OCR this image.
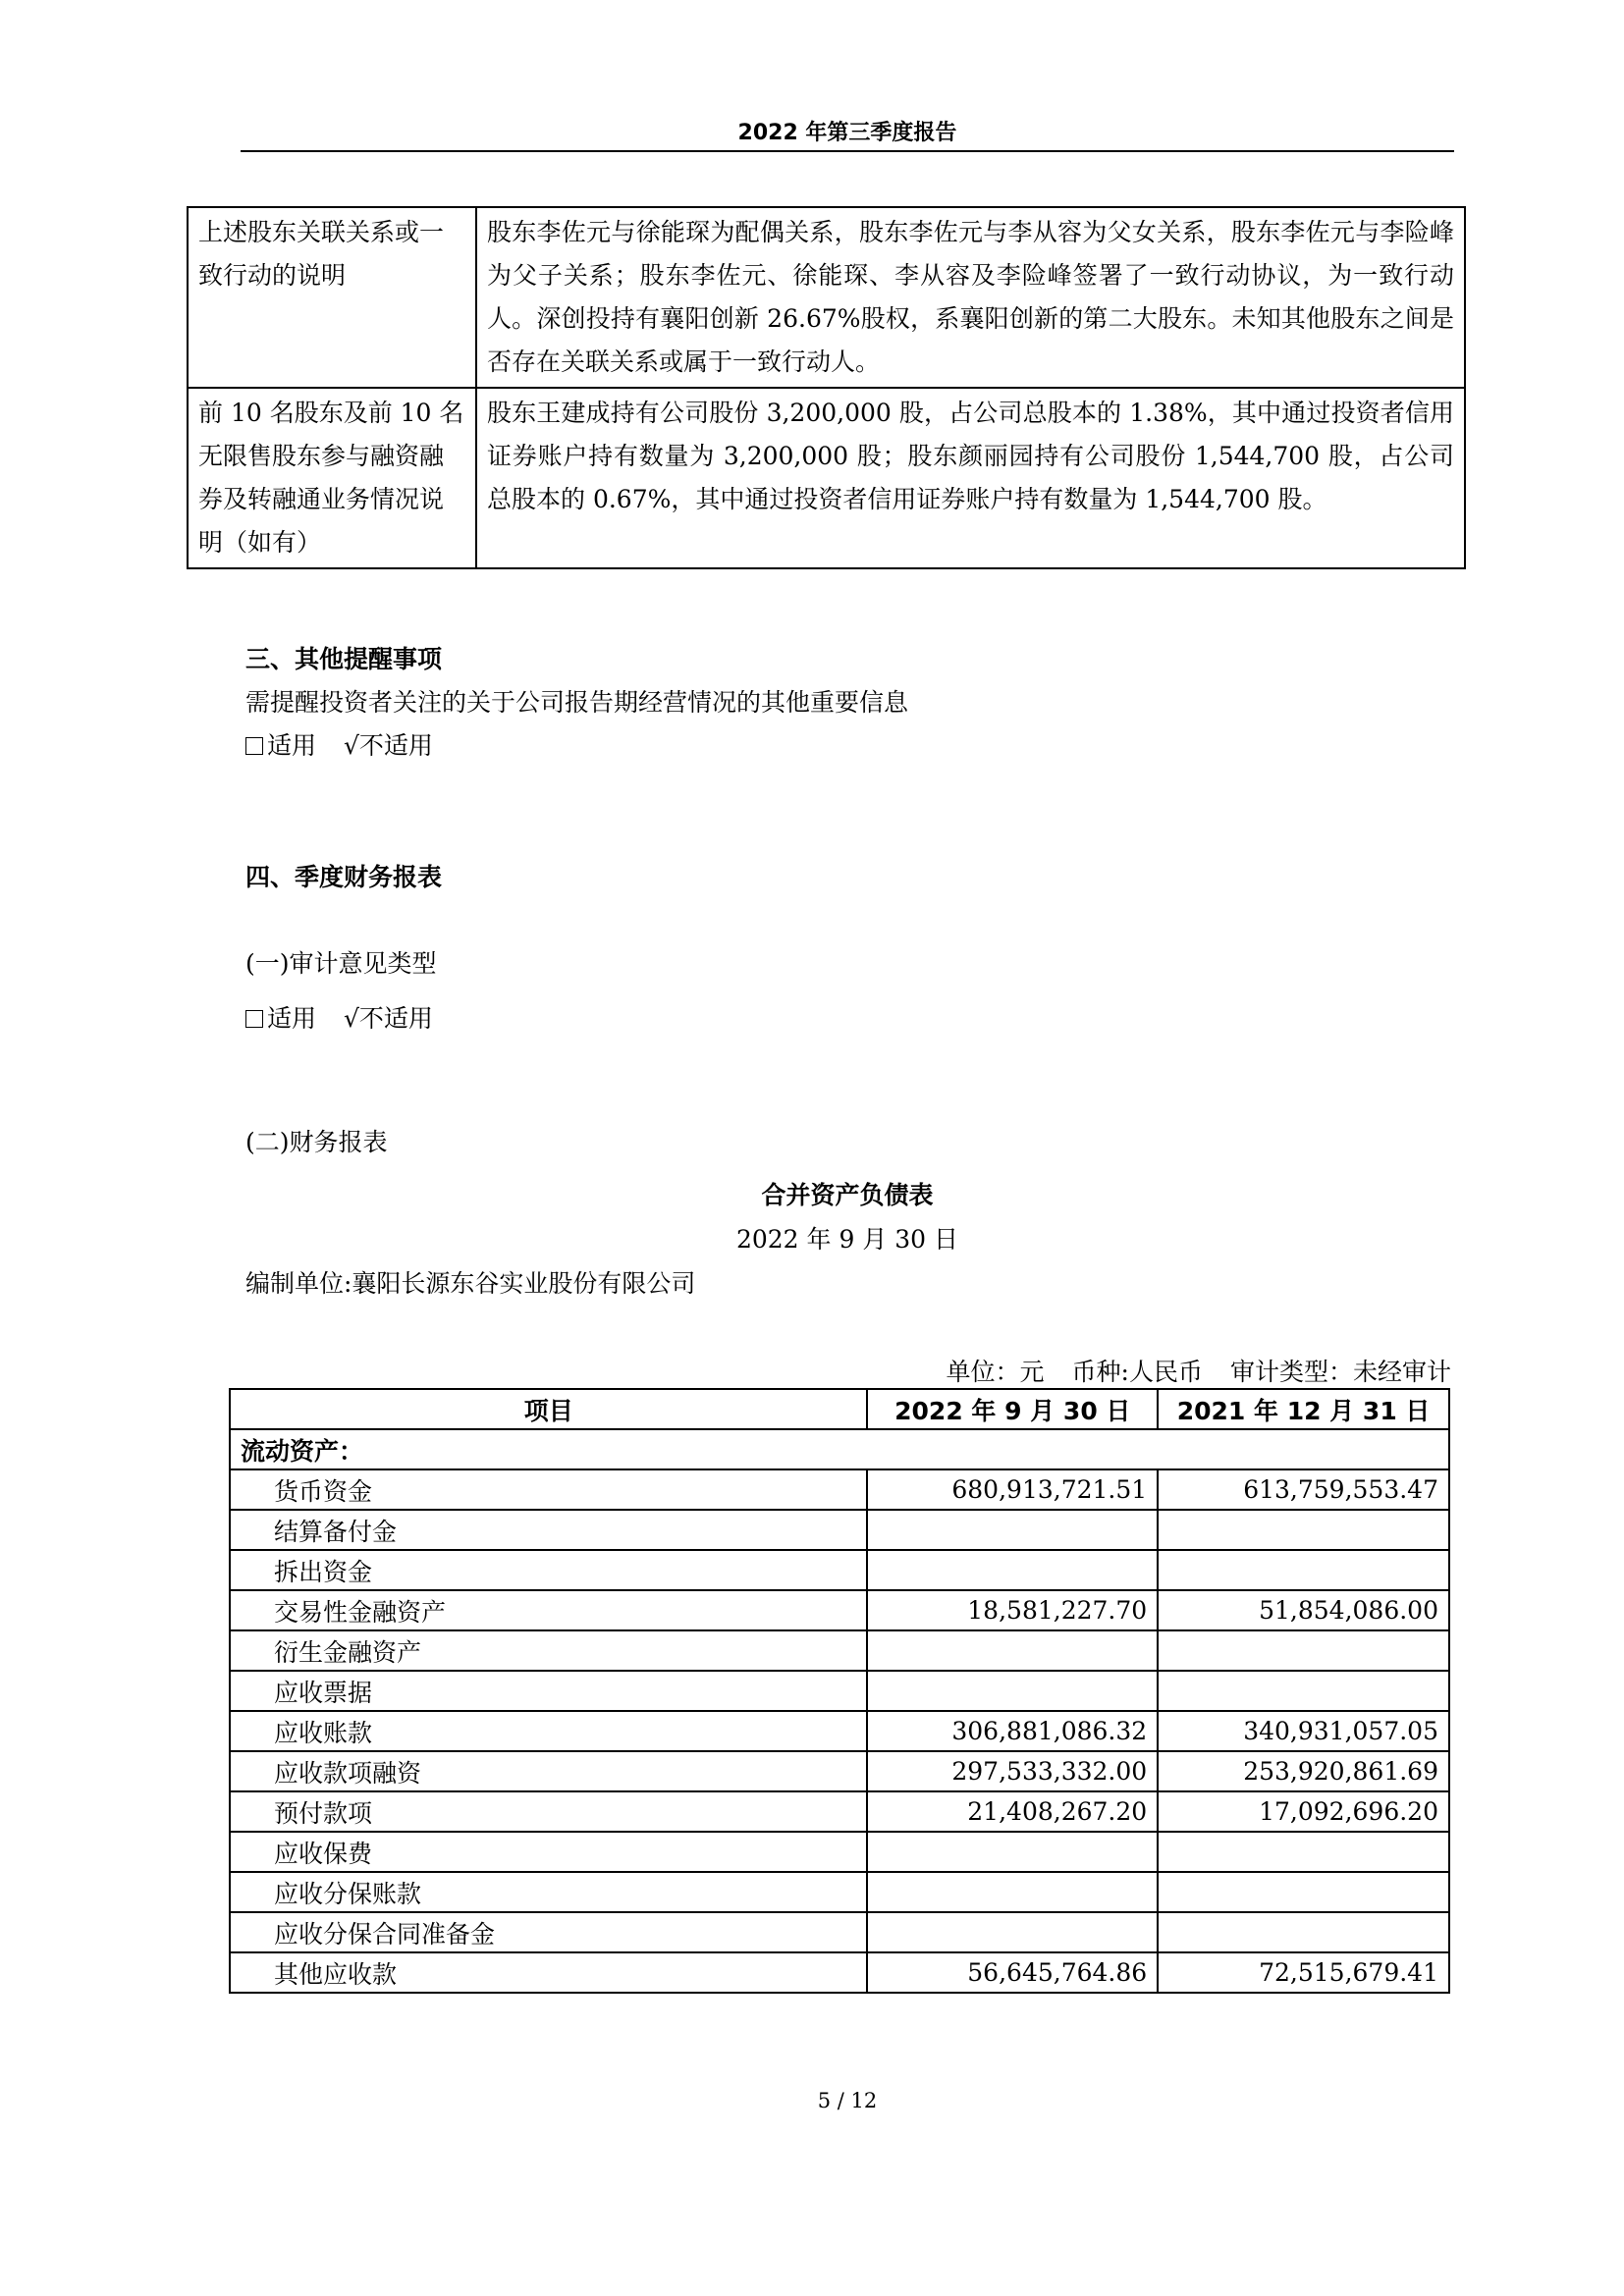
2022 年第三季度报告
上述股东关联关系或一致行动的说明	股东李佐元与徐能琛为配偶关系，股东李佐元与李从容为父女关系，股东李佐元与李险峰为父子关系；股东李佐元、徐能琛、李从容及李险峰签署了一致行动协议，为一致行动人。深创投持有襄阳创新 26.67%股权，系襄阳创新的第二大股东。未知其他股东之间是否存在关联关系或属于一致行动人。
前 10 名股东及前 10 名无限售股东参与融资融券及转融通业务情况说明（如有）	股东王建成持有公司股份 3,200,000 股，占公司总股本的 1.38%，其中通过投资者信用证券账户持有数量为 3,200,000 股；股东颜丽园持有公司股份 1,544,700 股，占公司总股本的 0.67%，其中通过投资者信用证券账户持有数量为 1,544,700 股。
三、其他提醒事项
需提醒投资者关注的关于公司报告期经营情况的其他重要信息
适用 √不适用
四、季度财务报表
(一)审计意见类型
适用 √不适用
(二)财务报表
合并资产负债表
2022 年 9 月 30 日
编制单位:襄阳长源东谷实业股份有限公司
单位：元 币种:人民币 审计类型：未经审计
项目	2022 年 9 月 30 日	2021 年 12 月 31 日
流动资产：		
货币资金	680,913,721.51	613,759,553.47
结算备付金		
拆出资金		
交易性金融资产	18,581,227.70	51,854,086.00
衍生金融资产		
应收票据		
应收账款	306,881,086.32	340,931,057.05
应收款项融资	297,533,332.00	253,920,861.69
预付款项	21,408,267.20	17,092,696.20
应收保费		
应收分保账款		
应收分保合同准备金		
其他应收款	56,645,764.86	72,515,679.41
5 / 12
